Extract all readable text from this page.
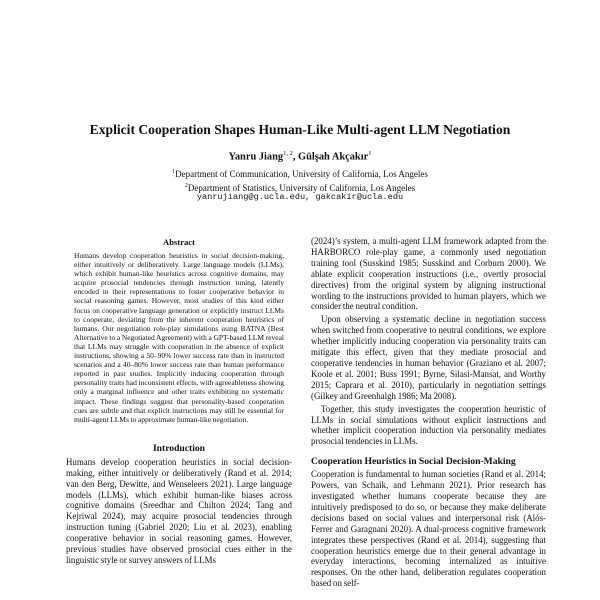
Explicit Cooperation Shapes Human-Like Multi-agent LLM Negotiation
Yanru Jiang$^{1, 2}$, Gülşah Akçakır$^1$
$^1$Department of Communication, University of California, Los Angeles
$^2$Department of Statistics, University of California, Los Angeles
yanrujiang@g.ucla.edu, gakcakir@ucla.edu
Abstract

Humans develop cooperation heuristics in social decision-making, either intuitively or deliberatively. Large language models (LLMs), which exhibit human-like heuristics across cognitive domains, may acquire prosocial tendencies through instruction tuning, latently encoded in their representations to foster cooperative behavior in social reasoning games. However, most studies of this kind either focus on cooperative language generation or explicitly instruct LLMs to cooperate, deviating from the inherent cooperation heuristics of humans. Our negotiation role-play simulations using BATNA (Best Alternative to a Negotiated Agreement) with a GPT-based LLM reveal that LLMs may struggle with cooperation in the absence of explicit instructions, showing a 50–90% lower success rate than in instructed scenarios and a 40–80% lower success rate than human performance reported in past studies. Implicitly inducing cooperation through personality traits had inconsistent effects, with agreeableness showing only a marginal influence and other traits exhibiting no systematic impact. These findings suggest that personality-based cooperation cues are subtle and that explicit instructions may still be essential for multi-agent LLMs to approximate human-like negotiation.

Introduction

Humans develop cooperation heuristics in social decision-making, either intuitively or deliberatively (Rand et al. 2014; van den Berg, Dewitte, and Wenseleers 2021). Large language models (LLMs), which exhibit human-like biases across cognitive domains (Sreedhar and Chilton 2024; Tang and Kejriwal 2024), may acquire prosocial tendencies through instruction tuning (Gabriel 2020; Liu et al. 2023), enabling cooperative behavior in social reasoning games. However, previous studies have observed prosocial cues either in the linguistic style or survey answers of LLMs

(2024)’s system, a multi-agent LLM framework adapted from the HARBORCO role-play game, a commonly used negotiation training tool (Susskind 1985; Susskind and Corburn 2000). We ablate explicit cooperation instructions (i.e., overtly prosocial directives) from the original system by aligning instructional wording to the instructions provided to human players, which we consider the neutral condition.

Upon observing a systematic decline in negotiation success when switched from cooperative to neutral conditions, we explore whether implicitly inducing cooperation via personality traits can mitigate this effect, given that they mediate prosocial and cooperative tendencies in human behavior (Graziano et al. 2007; Koole et al. 2001; Buss 1991; Byrne, Silasi-Mansat, and Worthy 2015; Caprara et al. 2010), particularly in negotiation settings (Gilkey and Greenhalgh 1986; Ma 2008).

Together, this study investigates the cooperation heuristic of LLMs in social simulations without explicit instructions and whether implicit cooperation induction via personality mediates prosocial tendencies in LLMs.

Cooperation Heuristics in Social Decision-Making

Cooperation is fundamental to human societies (Rand et al. 2014; Powers, van Schaik, and Lehmann 2021). Prior research has investigated whether humans cooperate because they are intuitively predisposed to do so, or because they make deliberate decisions based on social values and interpersonal risk (Alós-Ferrer and Garagnani 2020). A dual-process cognitive framework integrates these perspectives (Rand et al. 2014), suggesting that cooperation heuristics emerge due to their general advantage in everyday interactions, becoming internalized as intuitive responses. On the other hand, deliberation regulates cooperation based on self-
